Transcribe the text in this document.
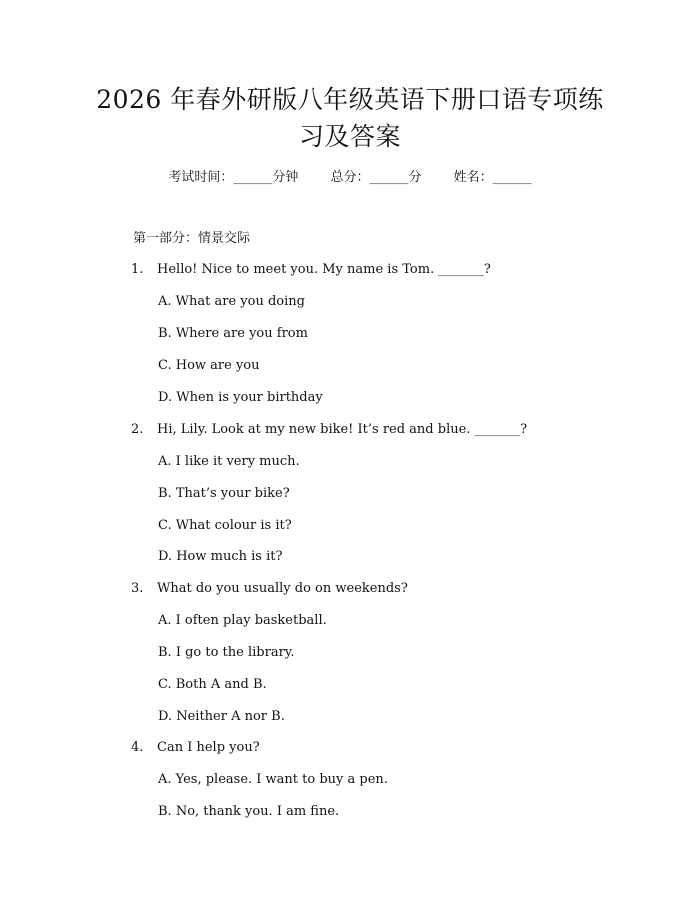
2026 年春外研版八年级英语下册口语专项练
习及答案
考试时间：______分钟 总分：______分 姓名：______
第一部分：情景交际
1. Hello! Nice to meet you. My name is Tom. _______?
A. What are you doing
B. Where are you from
C. How are you
D. When is your birthday
2. Hi, Lily. Look at my new bike! It’s red and blue. _______?
A. I like it very much.
B. That’s your bike?
C. What colour is it?
D. How much is it?
3. What do you usually do on weekends?
A. I often play basketball.
B. I go to the library.
C. Both A and B.
D. Neither A nor B.
4. Can I help you?
A. Yes, please. I want to buy a pen.
B. No, thank you. I am fine.
